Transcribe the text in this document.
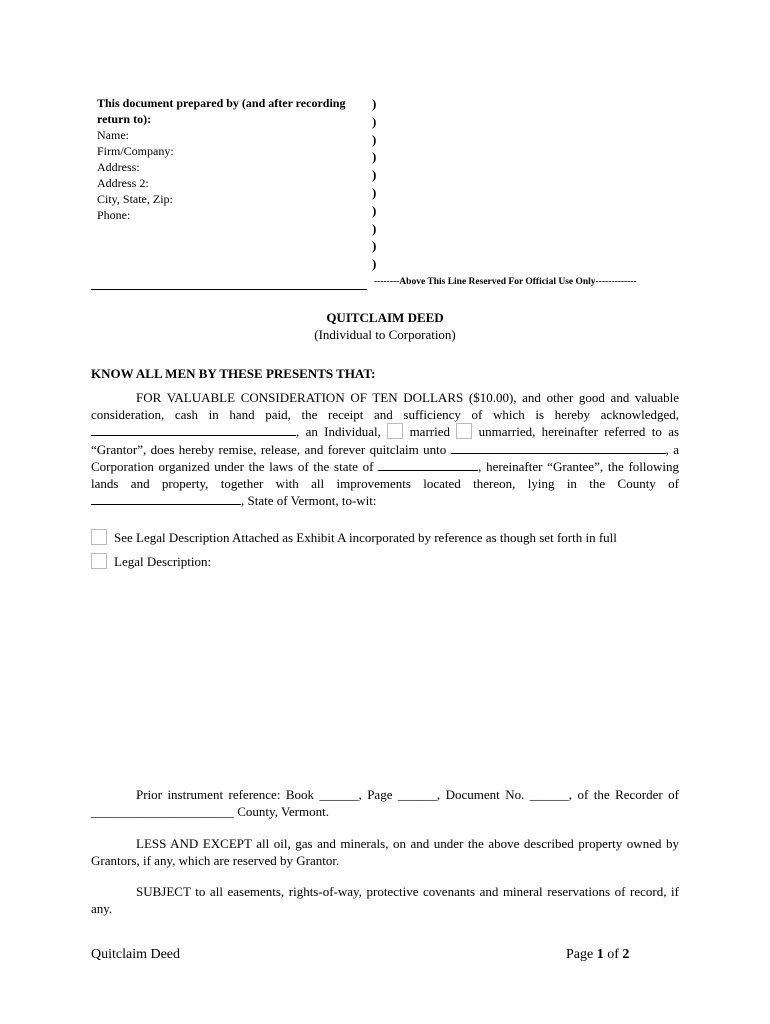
This document prepared by (and after recording return to):
Name:
Firm/Company:
Address:
Address 2:
City, State, Zip:
Phone:
)
)
)
)
)
)
)
)
)
)
--------Above This Line Reserved For Official Use Only-------------
QUITCLAIM DEED
(Individual to Corporation)
KNOW ALL MEN BY THESE PRESENTS THAT:
FOR VALUABLE CONSIDERATION OF TEN DOLLARS ($10.00), and other good and valuable consideration, cash in hand paid, the receipt and sufficiency of which is hereby acknowledged, , an Individual, married unmarried, hereinafter referred to as “Grantor”, does hereby remise, release, and forever quitclaim unto	, a Corporation organized under the laws of the state of	, hereinafter “Grantee”, the following lands and property, together with all improvements located thereon, lying in the County of , State of Vermont, to-wit:
See Legal Description Attached as Exhibit A incorporated by reference as though set forth in full
Legal Description:
Prior instrument reference: Book ______, Page ______, Document No. ______, of the Recorder of ______________________ County, Vermont.
LESS AND EXCEPT all oil, gas and minerals, on and under the above described property owned by Grantors, if any, which are reserved by Grantor.
SUBJECT to all easements, rights-of-way, protective covenants and mineral reservations of record, if any.
Quitclaim Deed	Page 1 of 2
